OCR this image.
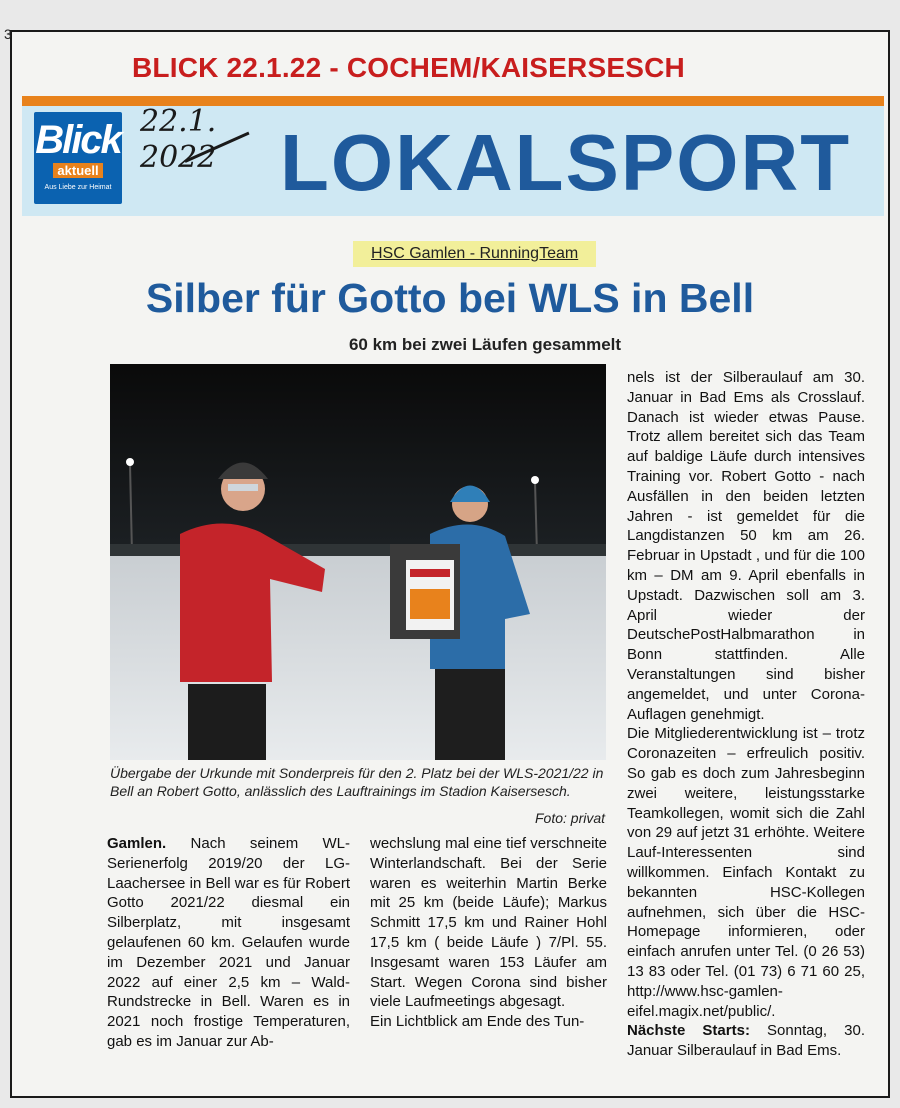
3
BLICK 22.1.22 - COCHEM/KAISERSESCH
Blick
aktuell
Aus Liebe zur Heimat
22.1.
2022 LOKALSPORT
HSC Gamlen - RunningTeam
Silber für Gotto bei WLS in Bell
60 km bei zwei Läufen gesammelt
Übergabe der Urkunde mit Sonderpreis für den 2. Platz bei der WLS-2021/22 in Bell an Robert Gotto, anlässlich des Lauftrainings im Stadion Kaisersesch.
Foto: privat

Gamlen. Nach seinem WL-Serienerfolg 2019/20 der LG-Laachersee in Bell war es für Robert Gotto 2021/22 diesmal ein Silberplatz, mit insgesamt gelaufenen 60 km. Gelaufen wurde im Dezember 2021 und Januar 2022 auf einer 2,5 km – Wald-Rundstrecke in Bell. Waren es in 2021 noch frostige Temperaturen, gab es im Januar zur Ab-

wechslung mal eine tief verschneite Winterlandschaft. Bei der Serie waren es weiterhin Martin Berke mit 25 km (beide Läufe); Markus Schmitt 17,5 km und Rainer Hohl 17,5 km ( beide Läufe ) 7/Pl. 55. Insgesamt waren 153 Läufer am Start. Wegen Corona sind bisher viele Laufmeetings abgesagt.

Ein Lichtblick am Ende des Tun-

nels ist der Silberaulauf am 30. Januar in Bad Ems als Crosslauf. Danach ist wieder etwas Pause. Trotz allem bereitet sich das Team auf baldige Läufe durch intensives Training vor. Robert Gotto - nach Ausfällen in den beiden letzten Jahren - ist gemeldet für die Langdistanzen 50 km am 26. Februar in Upstadt , und für die 100 km – DM am 9. April ebenfalls in Upstadt. Dazwischen soll am 3. April wieder der DeutschePostHalbmarathon in Bonn stattfinden. Alle Veranstaltungen sind bisher angemeldet, und unter Corona-Auflagen genehmigt.

Die Mitgliederentwicklung ist – trotz Coronazeiten – erfreulich positiv. So gab es doch zum Jahresbeginn zwei weitere, leistungsstarke Teamkollegen, womit sich die Zahl von 29 auf jetzt 31 erhöhte. Weitere Lauf-Interessenten sind willkommen. Einfach Kontakt zu bekannten HSC-Kollegen aufnehmen, sich über die HSC-Homepage informieren, oder einfach anrufen unter Tel. (0 26 53) 13 83 oder Tel. (01 73) 6 71 60 25, http://www.hsc-gamlen-eifel.magix.net/public/.

Nächste Starts: Sonntag, 30. Januar Silberaulauf in Bad Ems.
